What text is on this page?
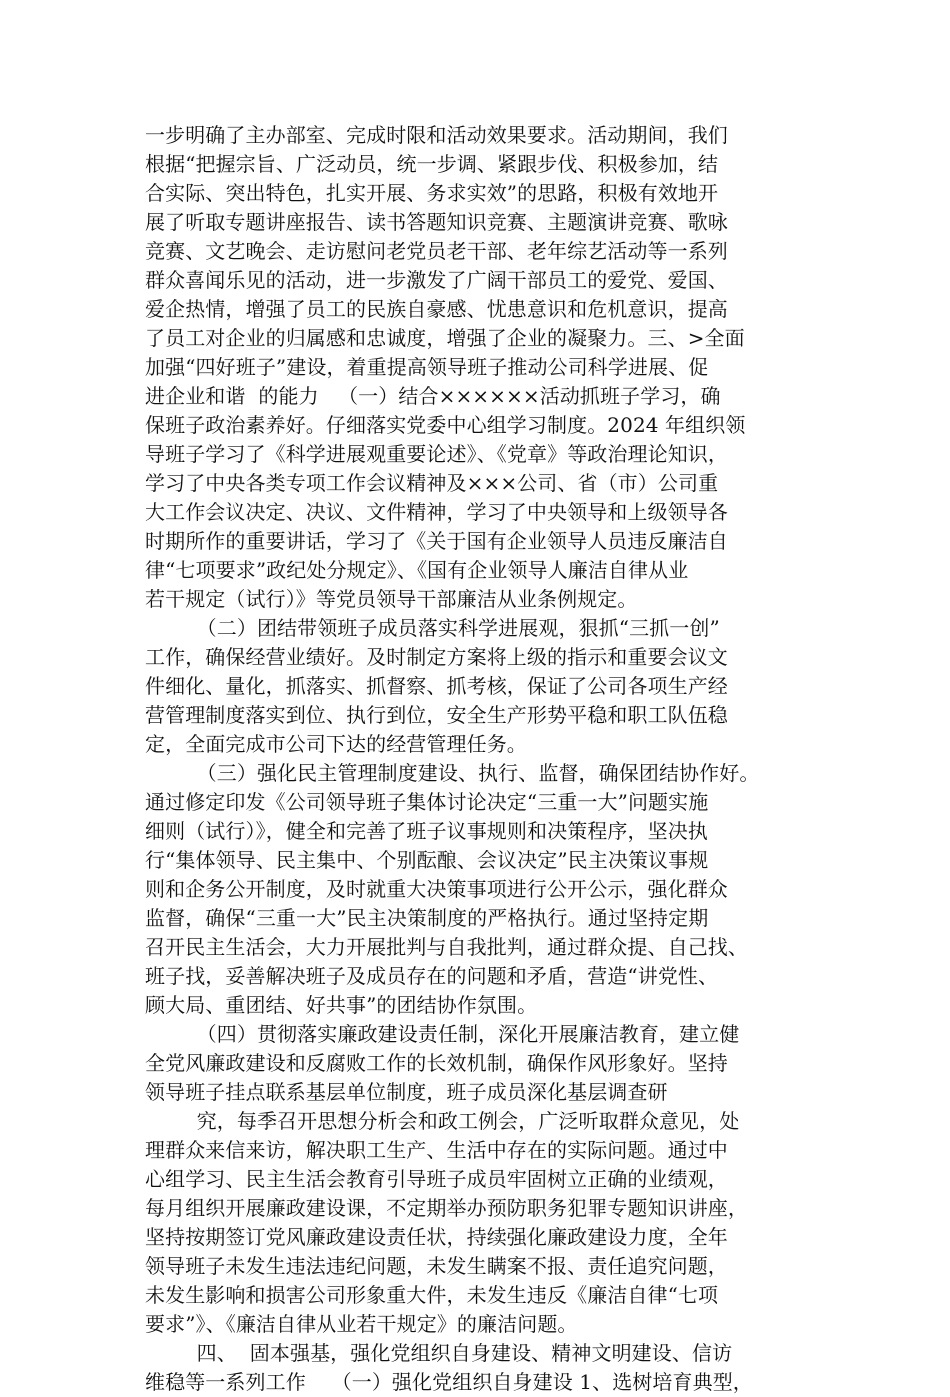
一步明确了主办部室、完成时限和活动效果要求。活动期间，我们
根据“把握宗旨、广泛动员，统一步调、紧跟步伐、积极参加，结
合实际、突出特色，扎实开展、务求实效”的思路，积极有效地开
展了听取专题讲座报告、读书答题知识竞赛、主题演讲竞赛、歌咏
竞赛、文艺晚会、走访慰问老党员老干部、老年综艺活动等一系列
群众喜闻乐见的活动，进一步激发了广阔干部员工的爱党、爱国、
爱企热情，增强了员工的民族自豪感、忧患意识和危机意识，提高
了员工对企业的归属感和忠诚度，增强了企业的凝聚力。三、>全面
加强“四好班子”建设，着重提高领导班子推动公司科学进展、促
进企业和谐  的能力   （一）结合××××××活动抓班子学习，确
保班子政治素养好。仔细落实党委中心组学习制度。2024 年组织领
导班子学习了《科学进展观重要论述》、《党章》等政治理论知识，
学习了中央各类专项工作会议精神及×××公司、省（市）公司重
大工作会议决定、决议、文件精神，学习了中央领导和上级领导各
时期所作的重要讲话，学习了《关于国有企业领导人员违反廉洁自
律“七项要求”政纪处分规定》、《国有企业领导人廉洁自律从业
若干规定（试行）》等党员领导干部廉洁从业条例规定。
（二）团结带领班子成员落实科学进展观，狠抓“三抓一创”
工作，确保经营业绩好。及时制定方案将上级的指示和重要会议文
件细化、量化，抓落实、抓督察、抓考核，保证了公司各项生产经
营管理制度落实到位、执行到位，安全生产形势平稳和职工队伍稳
定，全面完成市公司下达的经营管理任务。
（三）强化民主管理制度建设、执行、监督，确保团结协作好。
通过修定印发《公司领导班子集体讨论决定“三重一大”问题实施
细则（试行）》，健全和完善了班子议事规则和决策程序，坚决执
行“集体领导、民主集中、个别酝酿、会议决定”民主决策议事规
则和企务公开制度，及时就重大决策事项进行公开公示，强化群众
监督，确保“三重一大”民主决策制度的严格执行。通过坚持定期
召开民主生活会，大力开展批判与自我批判，通过群众提、自己找、
班子找，妥善解决班子及成员存在的问题和矛盾，营造“讲党性、
顾大局、重团结、好共事”的团结协作氛围。
（四）贯彻落实廉政建设责任制，深化开展廉洁教育，建立健
全党风廉政建设和反腐败工作的长效机制，确保作风形象好。坚持
领导班子挂点联系基层单位制度，班子成员深化基层调查研
究，每季召开思想分析会和政工例会，广泛听取群众意见，处
理群众来信来访，解决职工生产、生活中存在的实际问题。通过中
心组学习、民主生活会教育引导班子成员牢固树立正确的业绩观，
每月组织开展廉政建设课，不定期举办预防职务犯罪专题知识讲座，
坚持按期签订党风廉政建设责任状，持续强化廉政建设力度，全年
领导班子未发生违法违纪问题，未发生瞒案不报、责任追究问题，
未发生影响和损害公司形象重大件，未发生违反《廉洁自律“七项
要求”》、《廉洁自律从业若干规定》的廉洁问题。
四、  固本强基，强化党组织自身建设、精神文明建设、信访
维稳等一系列工作    （一）强化党组织自身建设 1、选树培育典型，
